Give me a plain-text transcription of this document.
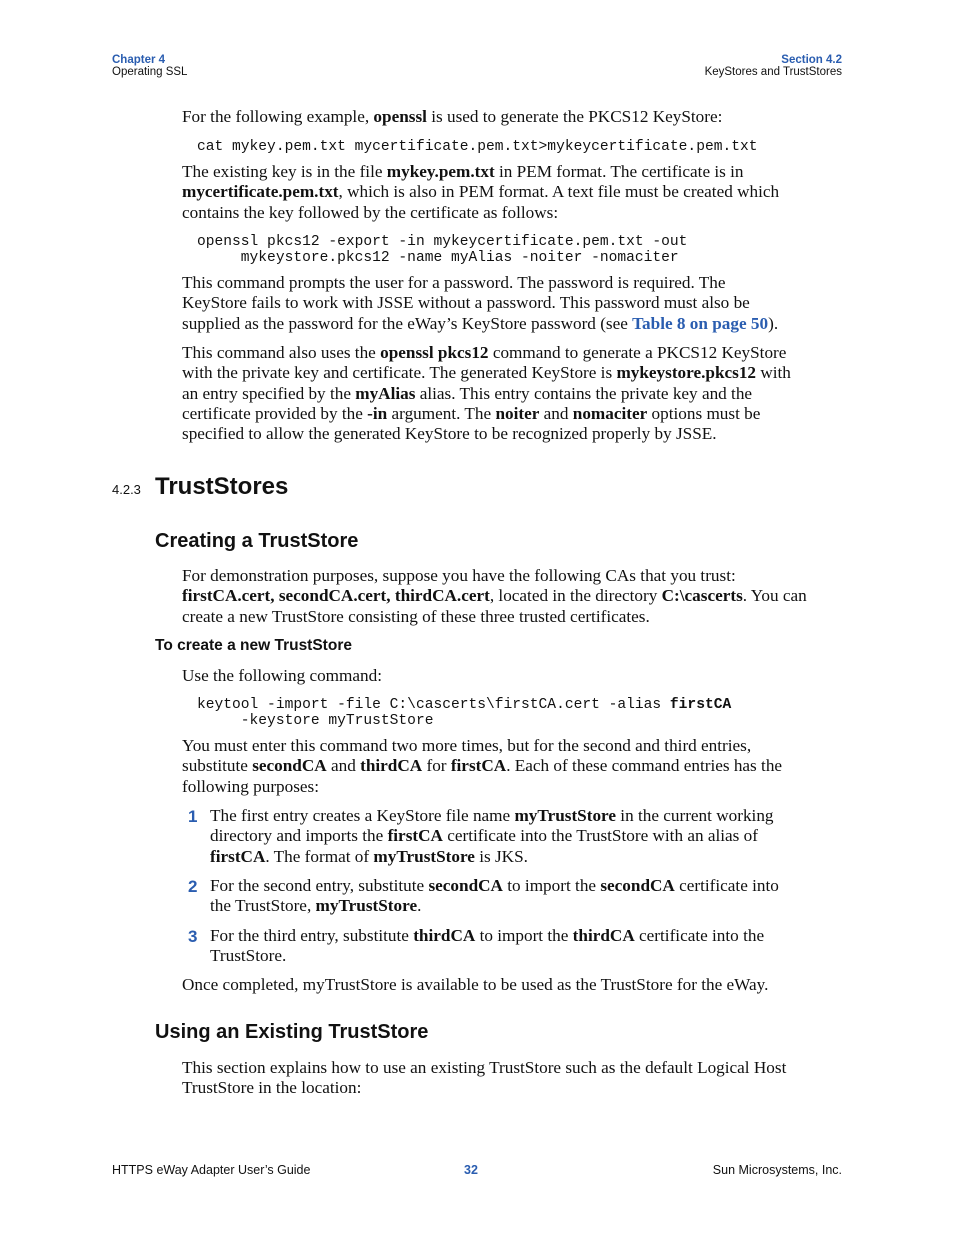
Chapter 4
Operating SSL
Section 4.2
KeyStores and TrustStores

For the following example, openssl is used to generate the PKCS12 KeyStore:

cat mykey.pem.txt mycertificate.pem.txt>mykeycertificate.pem.txt

The existing key is in the file mykey.pem.txt in PEM format. The certificate is in
mycertificate.pem.txt, which is also in PEM format. A text file must be created which
contains the key followed by the certificate as follows:

openssl pkcs12 -export -in mykeycertificate.pem.txt -out
mykeystore.pkcs12 -name myAlias -noiter -nomaciter

This command prompts the user for a password. The password is required. The
KeyStore fails to work with JSSE without a password. This password must also be
supplied as the password for the eWay’s KeyStore password (see Table 8 on page 50).

This command also uses the openssl pkcs12 command to generate a PKCS12 KeyStore
with the private key and certificate. The generated KeyStore is mykeystore.pkcs12 with
an entry specified by the myAlias alias. This entry contains the private key and the
certificate provided by the -in argument. The noiter and nomaciter options must be
specified to allow the generated KeyStore to be recognized properly by JSSE.

4.2.3 TrustStores
Creating a TrustStore

For demonstration purposes, suppose you have the following CAs that you trust:
firstCA.cert, secondCA.cert, thirdCA.cert, located in the directory C:\cascerts. You can
create a new TrustStore consisting of these three trusted certificates.

To create a new TrustStore

Use the following command:

keytool -import -file C:\cascerts\firstCA.cert -alias firstCA
-keystore myTrustStore

You must enter this command two more times, but for the second and third entries,
substitute secondCA and thirdCA for firstCA. Each of these command entries has the
following purposes:

1 The first entry creates a KeyStore file name myTrustStore in the current working
directory and imports the firstCA certificate into the TrustStore with an alias of
firstCA. The format of myTrustStore is JKS.

2 For the second entry, substitute secondCA to import the secondCA certificate into
the TrustStore, myTrustStore.

3 For the third entry, substitute thirdCA to import the thirdCA certificate into the
TrustStore.

Once completed, myTrustStore is available to be used as the TrustStore for the eWay.

Using an Existing TrustStore

This section explains how to use an existing TrustStore such as the default Logical Host
TrustStore in the location:

HTTPS eWay Adapter User’s Guide	32	Sun Microsystems, Inc.
